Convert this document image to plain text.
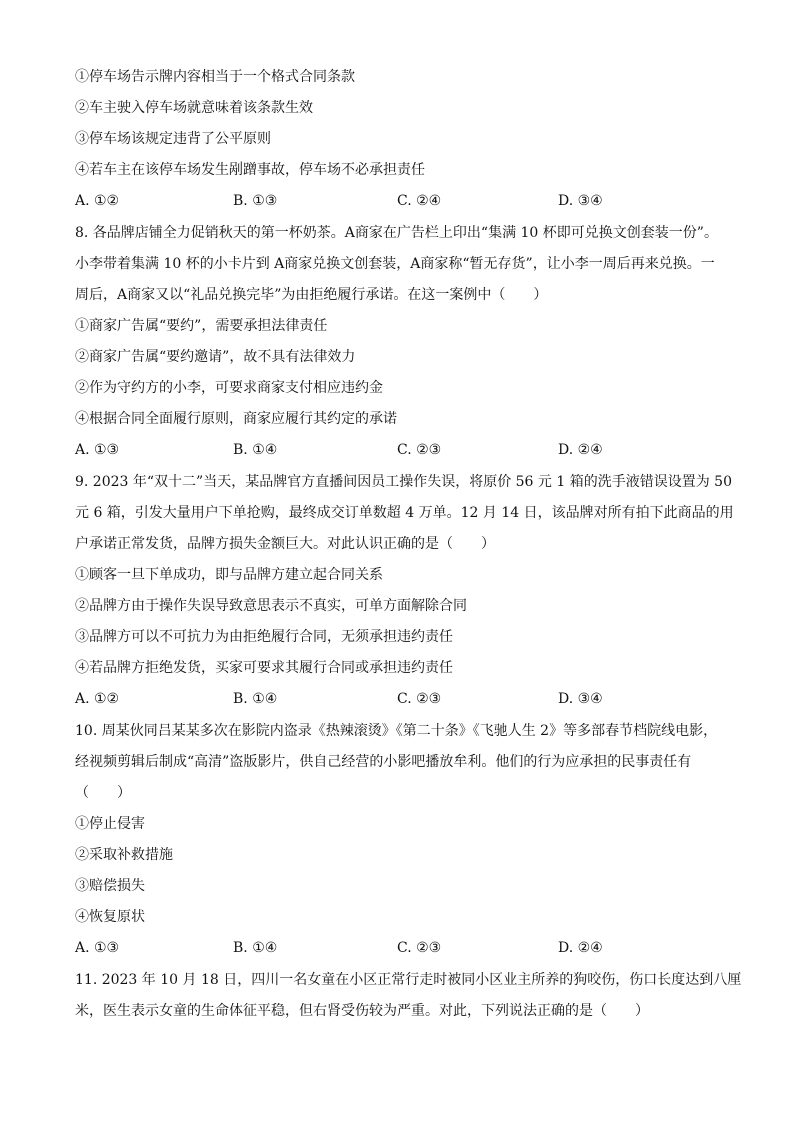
①停车场告示牌内容相当于一个格式合同条款
②车主驶入停车场就意味着该条款生效
③停车场该规定违背了公平原则
④若车主在该停车场发生剐蹭事故，停车场不必承担责任
A. ①②	B. ①③	C. ②④	D. ③④
8. 各品牌店铺全力促销秋天的第一杯奶茶。A商家在广告栏上印出“集满 10 杯即可兑换文创套装一份”。
小李带着集满 10 杯的小卡片到 A商家兑换文创套装，A商家称“暂无存货”，让小李一周后再来兑换。一
周后，A商家又以“礼品兑换完毕”为由拒绝履行承诺。在这一案例中（　　）
①商家广告属“要约”，需要承担法律责任
②商家广告属“要约邀请”，故不具有法律效力
②作为守约方的小李，可要求商家支付相应违约金
④根据合同全面履行原则，商家应履行其约定的承诺
A. ①③	B. ①④	C. ②③	D. ②④
9. 2023 年“双十二”当天，某品牌官方直播间因员工操作失误，将原价 56 元 1 箱的洗手液错误设置为 50
元 6 箱，引发大量用户下单抢购，最终成交订单数超 4 万单。12 月 14 日，该品牌对所有拍下此商品的用
户承诺正常发货，品牌方损失金额巨大。对此认识正确的是（　　）
①顾客一旦下单成功，即与品牌方建立起合同关系
②品牌方由于操作失误导致意思表示不真实，可单方面解除合同
③品牌方可以不可抗力为由拒绝履行合同，无须承担违约责任
④若品牌方拒绝发货，买家可要求其履行合同或承担违约责任
A. ①②	B. ①④	C. ②③	D. ③④
10. 周某伙同吕某某多次在影院内盗录《热辣滚烫》《第二十条》《飞驰人生 2》等多部春节档院线电影，
经视频剪辑后制成“高清”盗版影片，供自己经营的小影吧播放牟利。他们的行为应承担的民事责任有
（　　）
①停止侵害
②采取补救措施
③赔偿损失
④恢复原状
A. ①③	B. ①④	C. ②③	D. ②④
11. 2023 年 10 月 18 日，四川一名女童在小区正常行走时被同小区业主所养的狗咬伤，伤口长度达到八厘
米，医生表示女童的生命体征平稳，但右肾受伤较为严重。对此，下列说法正确的是（　　）
